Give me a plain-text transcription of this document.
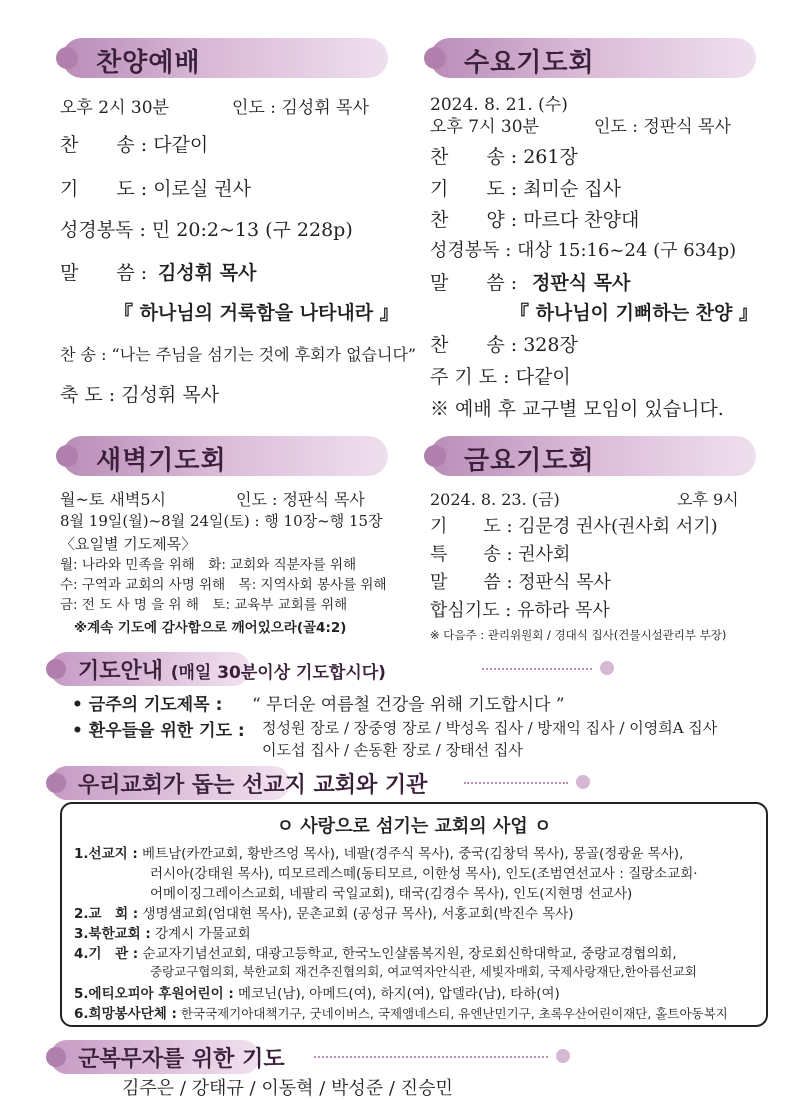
찬양예배
오후 2시 30분	인도 : 김성휘 목사
찬　　송 : 다같이
기　　도 : 이로실 권사
성경봉독 : 민 20:2~13 (구 228p)
말　　씀 : 김성휘 목사
『 하나님의 거룩함을 나타내라 』
찬 송 : “나는 주님을 섬기는 것에 후회가 없습니다”
축 도 : 김성휘 목사
수요기도회
2024. 8. 21. (수)
오후 7시 30분	인도 : 정판식 목사
찬　　송 : 261장
기　　도 : 최미순 집사
찬　　양 : 마르다 찬양대
성경봉독 : 대상 15:16~24 (구 634p)
말　　씀 : 정판식 목사
『 하나님이 기뻐하는 찬양 』
찬　　송 : 328장
주 기 도 : 다같이
※ 예배 후 교구별 모임이 있습니다.
새벽기도회
월~토 새벽5시	인도 : 정판식 목사
8월 19일(월)~8월 24일(토) : 행 10장~행 15장
〈요일별 기도제목〉
월: 나라와 민족을 위해　화: 교회와 직분자를 위해
수: 구역과 교회의 사명 위해　목: 지역사회 봉사를 위해
금: 전 도 사 명 을 위 해　토: 교육부 교회를 위해
※계속 기도에 감사함으로 깨어있으라(골4:2)
금요기도회
2024. 8. 23. (금)	오후 9시
기　　도 : 김문경 권사(권사회 서기)
특　　송 : 권사회
말　　씀 : 정판식 목사
합심기도 : 유하라 목사
※ 다음주 : 관리위원회 / 경대식 집사(건물시설관리부 부장)
기도안내 (매일 30분이상 기도합시다)
• 금주의 기도제목 : “ 무더운 여름철 건강을 위해 기도합시다 ”
• 환우들을 위한 기도 : 정성원 장로 / 장중영 장로 / 박성옥 집사 / 방재익 집사 / 이영희A 집사
이도섭 집사 / 손동환 장로 / 장태선 집사
우리교회가 돕는 선교지 교회와 기관
ㅇ 사랑으로 섬기는 교회의 사업 ㅇ
1.선교지 : 베트남(카깐교회, 황반즈엉 목사), 네팔(경주식 목사), 중국(김창덕 목사), 몽골(정광윤 목사),
러시아(강태원 목사), 띠모르레스떼(동티모르, 이한성 목사), 인도(조범연선교사 : 질랑소교회·
어메이징그레이스교회, 네팔리 국일교회), 태국(김경수 목사), 인도(지현명 선교사)
2.교　회 : 생명샘교회(엄대현 목사), 문촌교회 (공성규 목사), 서홍교회(박진수 목사)
3.북한교회 : 강계시 가물교회
4.기　관 : 순교자기념선교회, 대광고등학교, 한국노인샬롬복지원, 장로회신학대학교, 중랑교경협의회,
중랑교구협의회, 북한교회 재건추진협의회, 여교역자안식관, 세빛자매회, 국제사랑재단,한아름선교회
5.에티오피아 후원어린이 : 메코닌(남), 아메드(여), 하지(여), 압델라(남), 타하(여)
6.희망봉사단체 : 한국국제기아대책기구, 굿네이버스, 국제앰네스티, 유엔난민기구, 초록우산어린이재단, 홀트아동복지
군복무자를 위한 기도
김주은 / 강태규 / 이동혁 / 박성준 / 진승민
